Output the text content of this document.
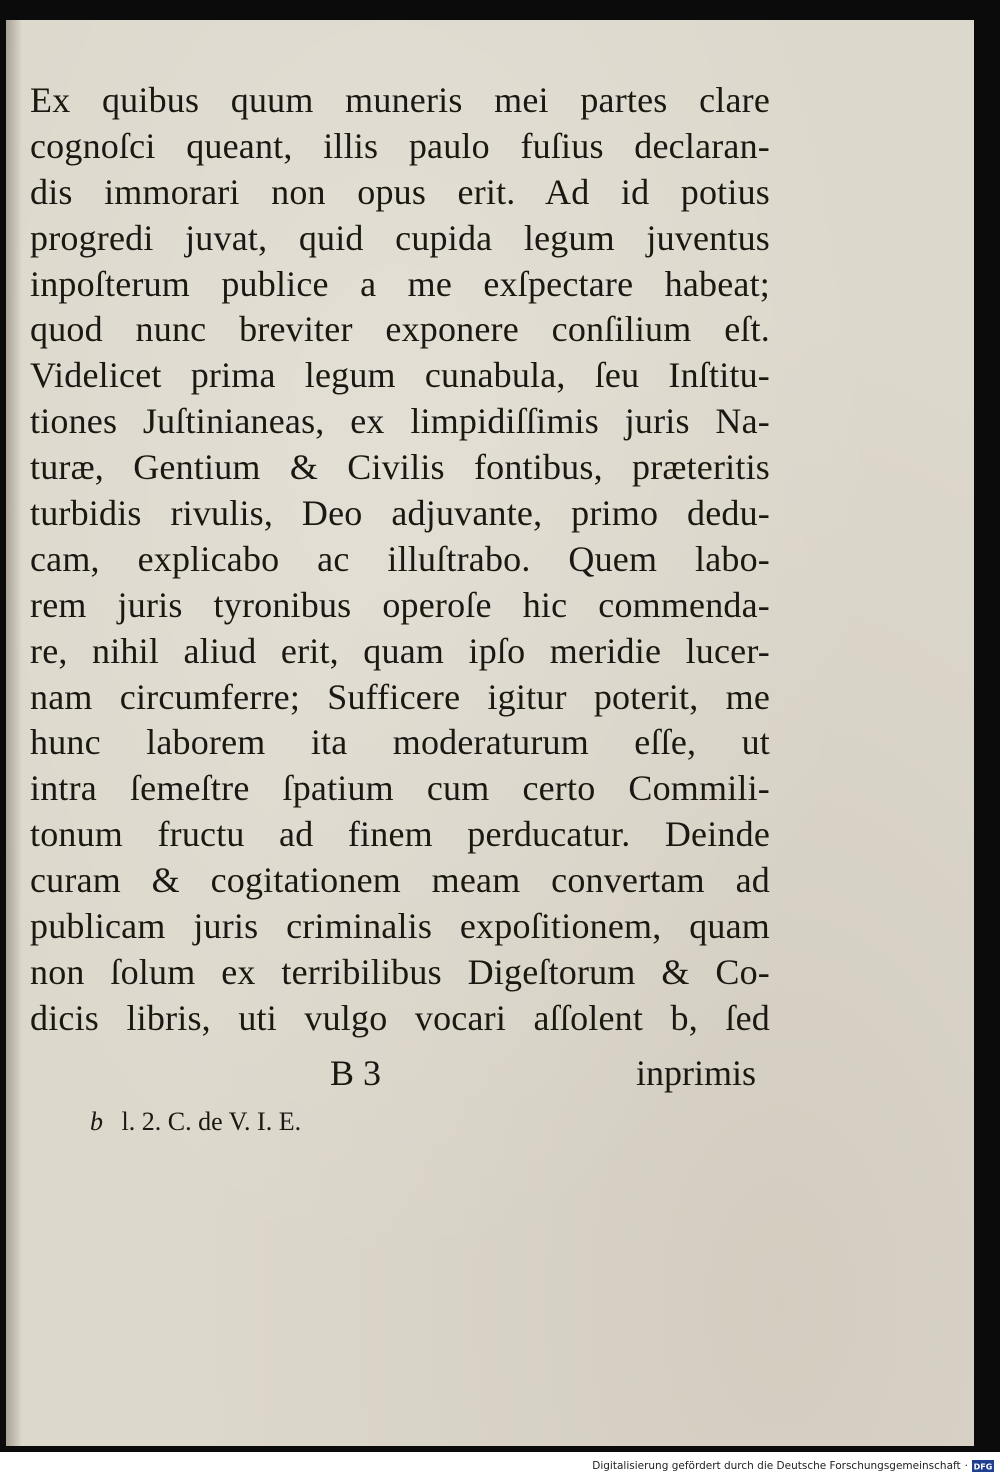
Ex quibus quum muneris mei partes clare
cognoſci queant, illis paulo fuſius declaran-
dis immorari non opus erit. Ad id potius
progredi juvat, quid cupida legum juventus
inpoſterum publice a me exſpectare habeat;
quod nunc breviter exponere conſilium eſt.
Videlicet prima legum cunabula, ſeu Inſtitu-
tiones Juſtinianeas, ex limpidiſſimis juris Na-
turæ, Gentium & Civilis fontibus, præteritis
turbidis rivulis, Deo adjuvante, primo dedu-
cam, explicabo ac illuſtrabo. Quem labo-
rem juris tyronibus operoſe hic commenda-
re, nihil aliud erit, quam ipſo meridie lucer-
nam circumferre; Sufficere igitur poterit, me
hunc laborem ita moderaturum eſſe, ut
intra ſemeſtre ſpatium cum certo Commili-
tonum fructu ad finem perducatur. Deinde
curam & cogitationem meam convertam ad
publicam juris criminalis expoſitionem, quam
non ſolum ex terribilibus Digeſtorum & Co-
dicis libris, uti vulgo vocari aſſolent b, ſed
B 3	inprimis
b l. 2. C. de V. I. E.
Digitalisierung gefördert durch die Deutsche Forschungsgemeinschaft · DFG
